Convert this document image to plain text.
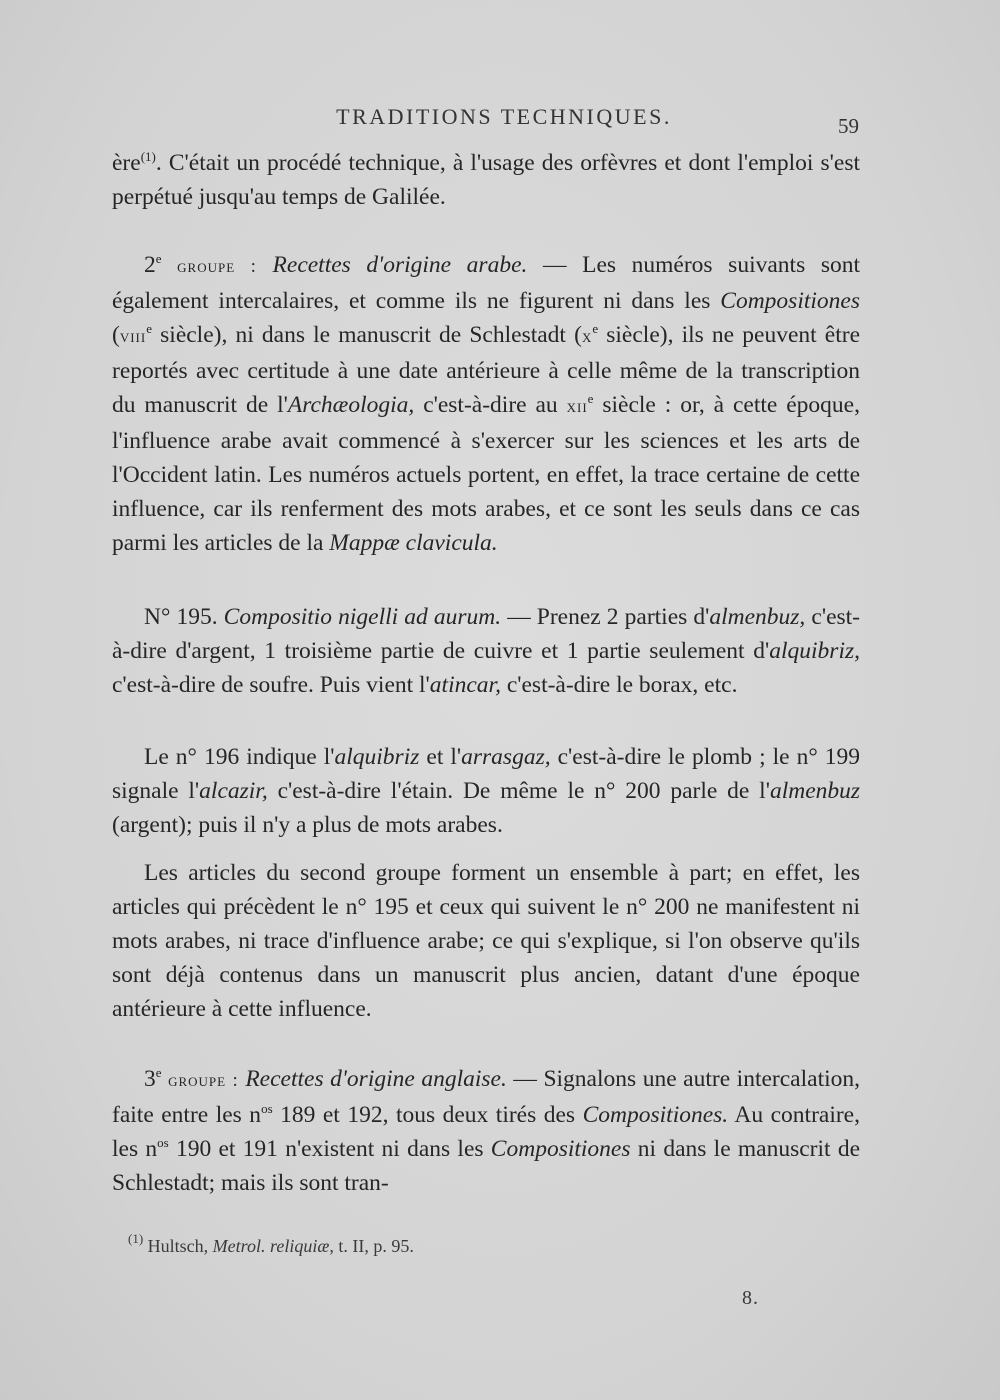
TRADITIONS TECHNIQUES.	59

ère$^{(1)}$. C'était un procédé technique, à l'usage des orfèvres et dont l'emploi s'est perpétué jusqu'au temps de Galilée.

2e groupe : Recettes d'origine arabe. — Les numéros suivants sont également intercalaires, et comme ils ne figurent ni dans les Compositiones (viii$^e$ siècle), ni dans le manuscrit de Schlestadt ($x^e$ siècle), ils ne peuvent être reportés avec certitude à une date antérieure à celle même de la transcription du manuscrit de l'Archæologia, c'est-à-dire au xii$^e$ siècle : or, à cette époque, l'influence arabe avait commencé à s'exercer sur les sciences et les arts de l'Occident latin. Les numéros actuels portent, en effet, la trace certaine de cette influence, car ils renferment des mots arabes, et ce sont les seuls dans ce cas parmi les articles de la Mappæ clavicula.

N° 195. Compositio nigelli ad aurum. — Prenez 2 parties d'almenbuz, c'est-à-dire d'argent, 1 troisième partie de cuivre et 1 partie seulement d'alquibriz, c'est-à-dire de soufre. Puis vient l'atincar, c'est-à-dire le borax, etc.

Le n° 196 indique l'alquibriz et l'arrasgaz, c'est-à-dire le plomb ; le n° 199 signale l'alcazir, c'est-à-dire l'étain. De même le n° 200 parle de l'almenbuz (argent); puis il n'y a plus de mots arabes.

Les articles du second groupe forment un ensemble à part; en effet, les articles qui précèdent le n° 195 et ceux qui suivent le n° 200 ne manifestent ni mots arabes, ni trace d'influence arabe; ce qui s'explique, si l'on observe qu'ils sont déjà contenus dans un manuscrit plus ancien, datant d'une époque antérieure à cette influence.

3e groupe : Recettes d'origine anglaise. — Signalons une autre intercalation, faite entre les $n^{os}$ 189 et 192, tous deux tirés des Compositiones. Au contraire, les $n^{os}$ 190 et 191 n'existent ni dans les Compositiones ni dans le manuscrit de Schlestadt; mais ils sont tran-

$^{(1)}$ Hultsch, Metrol. reliquiæ, t. II, p. 95.
8.
